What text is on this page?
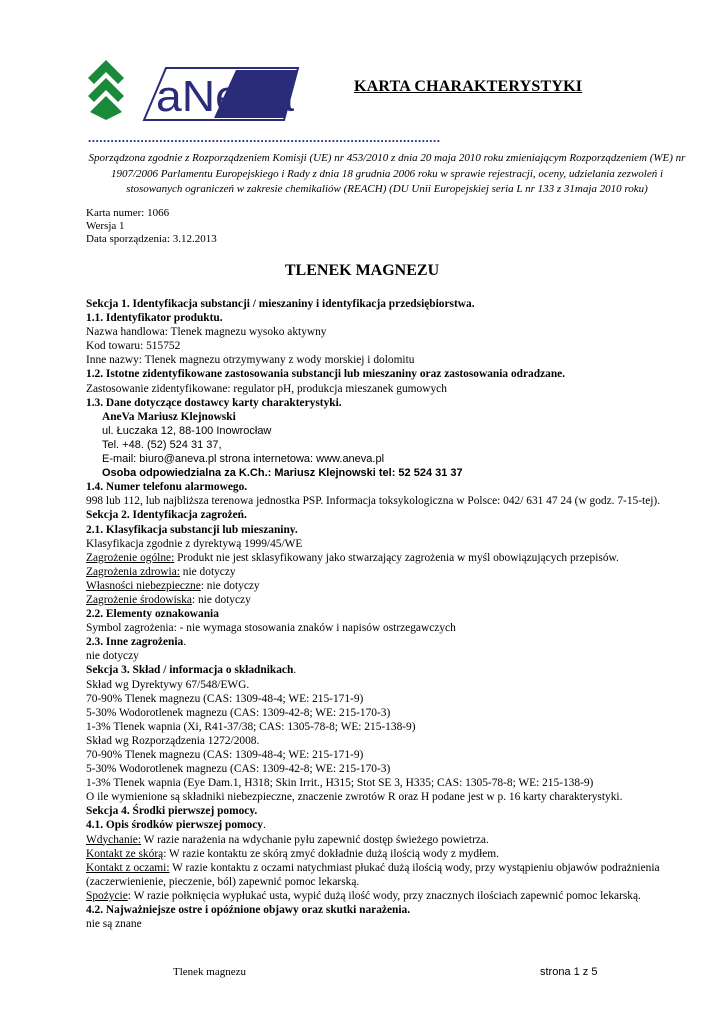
aNeVa	KARTA CHARAKTERYSTYKI
..............................................................................................
Sporządzona zgodnie z Rozporządzeniem Komisji (UE) nr 453/2010 z dnia 20 maja 2010 roku zmieniającym Rozporządzeniem (WE) nr 1907/2006 Parlamentu Europejskiego i Rady z dnia 18 grudnia 2006 roku w sprawie rejestracji, oceny, udzielania zezwoleń i stosowanych ograniczeń w zakresie chemikaliów (REACH) (DU Unii Europejskiej seria L nr 133 z 31maja 2010 roku)
Karta numer: 1066
Wersja 1
Data sporządzenia: 3.12.2013
TLENEK MAGNEZU
Sekcja 1. Identyfikacja substancji / mieszaniny i identyfikacja przedsiębiorstwa.
1.1. Identyfikator produktu.
Nazwa handlowa: Tlenek magnezu wysoko aktywny
Kod towaru: 515752
Inne nazwy: Tlenek magnezu otrzymywany z wody morskiej i dolomitu
1.2. Istotne zidentyfikowane zastosowania substancji lub mieszaniny oraz zastosowania odradzane.
Zastosowanie zidentyfikowane: regulator pH, produkcja mieszanek gumowych
1.3. Dane dotyczące dostawcy karty charakterystyki.
AneVa Mariusz Klejnowski
ul. Łuczaka 12, 88-100 Inowrocław
Tel. +48. (52) 524 31 37,
E-mail: biuro@aneva.pl strona internetowa: www.aneva.pl
Osoba odpowiedzialna za K.Ch.: Mariusz Klejnowski tel: 52 524 31 37
1.4. Numer telefonu alarmowego.
998 lub 112, lub najbliższa terenowa jednostka PSP. Informacja toksykologiczna w Polsce: 042/ 631 47 24 (w godz. 7-15-tej).
Sekcja 2. Identyfikacja zagrożeń.
2.1. Klasyfikacja substancji lub mieszaniny.
Klasyfikacja zgodnie z dyrektywą 1999/45/WE
Zagrożenie ogólne: Produkt nie jest sklasyfikowany jako stwarzający zagrożenia w myśl obowiązujących przepisów.
Zagrożenia zdrowia: nie dotyczy
Własności niebezpieczne: nie dotyczy
Zagrożenie środowiska: nie dotyczy
2.2. Elementy oznakowania
Symbol zagrożenia: - nie wymaga stosowania znaków i napisów ostrzegawczych
2.3. Inne zagrożenia.
nie dotyczy
Sekcja 3. Skład / informacja o składnikach.
Skład wg Dyrektywy 67/548/EWG.
70-90% Tlenek magnezu (CAS: 1309-48-4; WE: 215-171-9)
5-30% Wodorotlenek magnezu (CAS: 1309-42-8; WE: 215-170-3)
1-3% Tlenek wapnia (Xi, R41-37/38; CAS: 1305-78-8; WE: 215-138-9)
Skład wg Rozporządzenia 1272/2008.
70-90% Tlenek magnezu (CAS: 1309-48-4; WE: 215-171-9)
5-30% Wodorotlenek magnezu (CAS: 1309-42-8; WE: 215-170-3)
1-3% Tlenek wapnia (Eye Dam.1, H318; Skin Irrit., H315; Stot SE 3, H335; CAS: 1305-78-8; WE: 215-138-9)
O ile wymienione są składniki niebezpieczne, znaczenie zwrotów R oraz H podane jest w p. 16 karty charakterystyki.
Sekcja 4. Środki pierwszej pomocy.
4.1. Opis środków pierwszej pomocy.
Wdychanie: W razie narażenia na wdychanie pyłu zapewnić dostęp świeżego powietrza.
Kontakt ze skórą: W razie kontaktu ze skórą zmyć dokładnie dużą ilością wody z mydłem.
Kontakt z oczami: W razie kontaktu z oczami natychmiast płukać dużą ilością wody, przy wystąpieniu objawów podrażnienia (zaczerwienienie, pieczenie, ból) zapewnić pomoc lekarską.
Spożycie: W razie połknięcia wypłukać usta, wypić dużą ilość wody, przy znacznych ilościach zapewnić pomoc lekarską.
4.2. Najważniejsze ostre i opóźnione objawy oraz skutki narażenia.
nie są znane
Tlenek magnezu	strona 1 z 5
